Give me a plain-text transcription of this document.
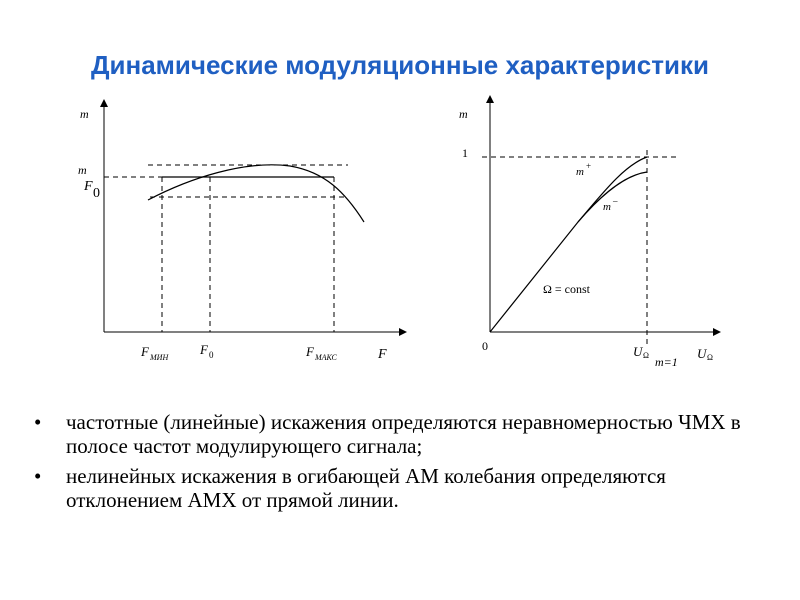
Динамические модуляционные характеристики
m
m
F 0
F МИН
F 0	F МАКС	F
m
1
0
m +
m –
Ω = const
U Ω m=1
U Ω
• частотные (линейные) искажения определяются неравномерностью ЧМХ в полосе частот модулирующего сигнала;
• нелинейных искажения в огибающей АМ колебания определяются отклонением АМХ от прямой линии.
